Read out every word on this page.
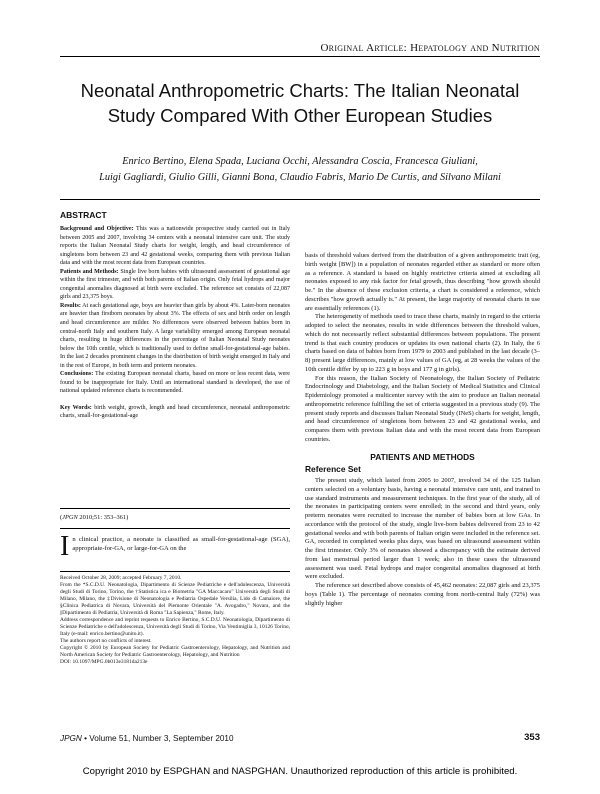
Original Article: Hepatology and Nutrition
Neonatal Anthropometric Charts: The Italian Neonatal
Study Compared With Other European Studies
Enrico Bertino, Elena Spada, Luciana Occhi, Alessandra Coscia, Francesca Giuliani,
Luigi Gagliardi, Giulio Gilli, Gianni Bona, Claudio Fabris, Mario De Curtis, and Silvano Milani
ABSTRACT

Background and Objective: This was a nationwide prospective study carried out in Italy between 2005 and 2007, involving 34 centers with a neonatal intensive care unit. The study reports the Italian Neonatal Study charts for weight, length, and head circumference of singletons born between 23 and 42 gestational weeks, comparing them with previous Italian data and with the most recent data from European countries.

Patients and Methods: Single live born babies with ultrasound assessment of gestational age within the first trimester, and with both parents of Italian origin. Only fetal hydrops and major congenital anomalies diagnosed at birth were excluded. The reference set consists of 22,087 girls and 23,375 boys.

Results: At each gestational age, boys are heavier than girls by about 4%. Later-born neonates are heavier than firstborn neonates by about 3%. The effects of sex and birth order on length and head circumference are milder. No differences were observed between babies born in central-north Italy and southern Italy. A large variability emerged among European neonatal charts, resulting in huge differences in the percentage of Italian Neonatal Study neonates below the 10th centile, which is traditionally used to define small-for-gestational-age babies. In the last 2 decades prominent changes in the distribution of birth weight emerged in Italy and in the rest of Europe, in both term and preterm neonates.

Conclusions: The existing European neonatal charts, based on more or less recent data, were found to be inappropriate for Italy. Until an international standard is developed, the use of national updated reference charts is recommended.

Key Words: birth weight, growth, length and head circumference, neonatal anthropometric charts, small-for-gestational-age

(JPGN 2010;51: 353–361)
In clinical practice, a neonate is classified as small-for-gestational-age (SGA), appropriate-for-GA, or large-for-GA on the

Received October 28, 2009; accepted February 7, 2010.

From the *S.C.D.U. Neonatologia, Dipartimento di Scienze Pediatriche e dell'adolescenza, Università degli Studi di Torino, Torino, the †Statistica ica e Biometria "GA Maccacaro" Università degli Studi di Milano, Milano, the ‡Divisione di Neonatologia e Pediatria Ospedale Versilia, Lido di Camaiore, the §Clinica Pediatrica di Novara, Università del Piemonte Orientale "A. Avogadro," Novara, and the ||Dipartimento di Pediatria, Università di Roma "La Sapienza," Rome, Italy.

Address correspondence and reprint requests to Enrico Bertino, S.C.D.U. Neonatologia, Dipartimento di Scienze Pediatriche e dell'adolescenza, Università degli Studi di Torino, Via Ventimiglia 3, 10126 Torino, Italy (e-mail: enrico.bertino@unito.it).

The authors report no conflicts of interest.

Copyright © 2010 by European Society for Pediatric Gastroenterology, Hepatology, and Nutrition and North American Society for Pediatric Gastroenterology, Hepatology, and Nutrition

DOI: 10.1097/MPG.0b013e3181da213e

basis of threshold values derived from the distribution of a given anthropometric trait (eg, birth weight [BW]) in a population of neonates regarded either as standard or more often as a reference. A standard is based on highly restrictive criteria aimed at excluding all neonates exposed to any risk factor for fetal growth, thus describing "how growth should be." In the absence of these exclusion criteria, a chart is considered a reference, which describes "how growth actually is." At present, the large majority of neonatal charts in use are essentially references (1).

The heterogeneity of methods used to trace these charts, mainly in regard to the criteria adopted to select the neonates, results in wide differences between the threshold values, which do not necessarily reflect substantial differences between populations. The present trend is that each country produces or updates its own national charts (2). In Italy, the 6 charts based on data of babies born from 1979 to 2003 and published in the last decade (3–8) present large differences, mainly at low values of GA (eg, at 28 weeks the values of the 10th centile differ by up to 223 g in boys and 177 g in girls).

For this reason, the Italian Society of Neonatology, the Italian Society of Pediatric Endocrinology and Diabetology, and the Italian Society of Medical Statistics and Clinical Epidemiology promoted a multicenter survey with the aim to produce an Italian neonatal anthropometric reference fulfilling the set of criteria suggested in a previous study (9). The present study reports and discusses Italian Neonatal Study (INeS) charts for weight, length, and head circumference of singletons born between 23 and 42 gestational weeks, and compares them with previous Italian data and with the most recent data from European countries.

PATIENTS AND METHODS
Reference Set

The present study, which lasted from 2005 to 2007, involved 34 of the 125 Italian centers selected on a voluntary basis, having a neonatal intensive care unit, and trained to use standard instruments and measurement techniques. In the first year of the study, all of the neonates in participating centers were enrolled; in the second and third years, only preterm neonates were recruited to increase the number of babies born at low GAs. In accordance with the protocol of the study, single live-born babies delivered from 23 to 42 gestational weeks and with both parents of Italian origin were included in the reference set. GA, recorded in completed weeks plus days, was based on ultrasound assessment within the first trimester. Only 3% of neonates showed a discrepancy with the estimate derived from last menstrual period larger than 1 week; also in these cases the ultrasound assessment was used. Fetal hydrops and major congenital anomalies diagnosed at birth were excluded.

The reference set described above consists of 45,462 neonates: 22,087 girls and 23,375 boys (Table 1). The percentage of neonates coming from north-central Italy (72%) was slightly higher

JPGN • Volume 51, Number 3, September 2010	353
Copyright 2010 by ESPGHAN and NASPGHAN. Unauthorized reproduction of this article is prohibited.
